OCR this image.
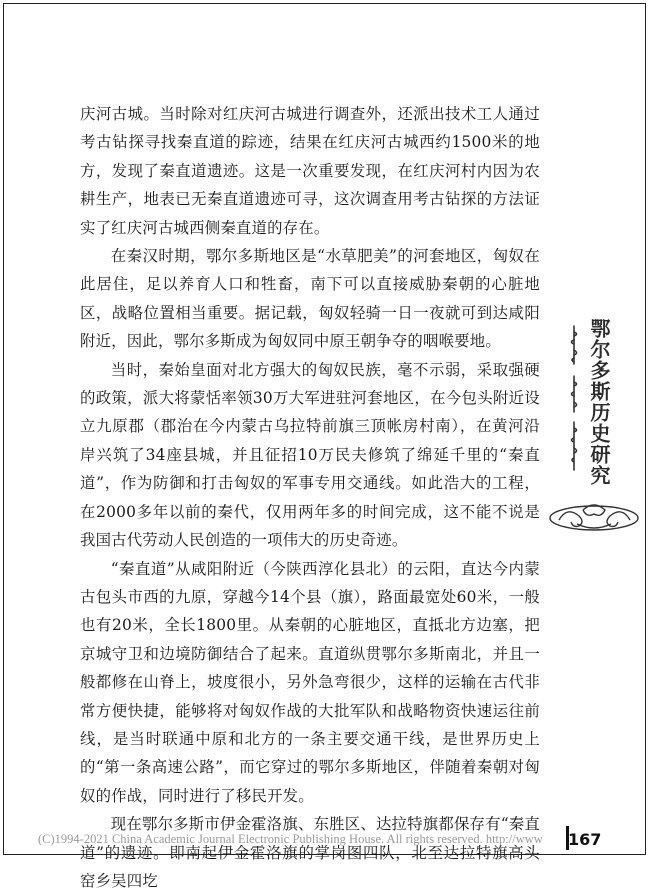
庆河古城。当时除对红庆河古城进行调查外，还派出技术工人通过考古钻探寻找秦直道的踪迹，结果在红庆河古城西约1500米的地方，发现了秦直道遗迹。这是一次重要发现，在红庆河村内因为农耕生产，地表已无秦直道遗迹可寻，这次调查用考古钻探的方法证实了红庆河古城西侧秦直道的存在。

在秦汉时期，鄂尔多斯地区是“水草肥美”的河套地区，匈奴在此居住，足以养育人口和牲畜，南下可以直接威胁秦朝的心脏地区，战略位置相当重要。据记载，匈奴轻骑一日一夜就可到达咸阳附近，因此，鄂尔多斯成为匈奴同中原王朝争夺的咽喉要地。

当时，秦始皇面对北方强大的匈奴民族，毫不示弱，采取强硬的政策，派大将蒙恬率领30万大军进驻河套地区，在今包头附近设立九原郡（郡治在今内蒙古乌拉特前旗三顶帐房村南），在黄河沿岸兴筑了34座县城，并且征招10万民夫修筑了绵延千里的“秦直道”，作为防御和打击匈奴的军事专用交通线。如此浩大的工程，在2000多年以前的秦代，仅用两年多的时间完成，这不能不说是我国古代劳动人民创造的一项伟大的历史奇迹。

“秦直道”从咸阳附近（今陕西淳化县北）的云阳，直达今内蒙古包头市西的九原，穿越今14个县（旗），路面最宽处60米，一般也有20米，全长1800里。从秦朝的心脏地区，直抵北方边塞，把京城守卫和边境防御结合了起来。直道纵贯鄂尔多斯南北，并且一般都修在山脊上，坡度很小，另外急弯很少，这样的运输在古代非常方便快捷，能够将对匈奴作战的大批军队和战略物资快速运往前线，是当时联通中原和北方的一条主要交通干线，是世界历史上的“第一条高速公路”，而它穿过的鄂尔多斯地区，伴随着秦朝对匈奴的作战，同时进行了移民开发。

现在鄂尔多斯市伊金霍洛旗、东胜区、达拉特旗都保存有“秦直道”的遗迹。即南起伊金霍洛旗的掌岗图四队，北至达拉特旗高头窑乡吴四圪

鄂尔多斯历史研究
(C)1994-2021 China Academic Journal Electronic Publishing House. All rights reserved. http://www 167
